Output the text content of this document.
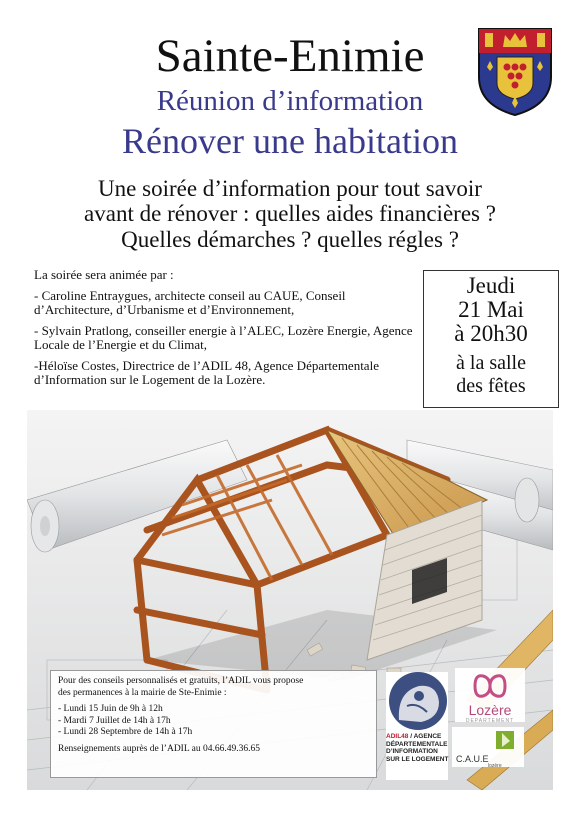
Sainte-Enimie
Réunion d’information
Rénover une habitation
Une soirée d’information pour tout savoir
avant de rénover : quelles aides financières ?
Quelles démarches ? quelles régles ?

La soirée sera animée par :

- Caroline Entraygues, architecte conseil au CAUE, Conseil d’Architecture, d’Urbanisme et d’Environnement,

- Sylvain Pratlong, conseiller energie à l’ALEC, Lozère Energie, Agence Locale de l’Energie et du Climat,

-Héloïse Costes, Directrice de l’ADIL 48, Agence Départementale d’Information sur le Logement de la Lozère.

Jeudi
21 Mai
à 20h30
à la salle
des fêtes
Pour des conseils personnalisés et gratuits, l’ADIL vous propose
des permanences à la mairie de Ste-Enimie :
- Lundi 15 Juin de 9h à 12h
- Mardi 7 Juillet de 14h à 17h
- Lundi 28 Septembre de 14h à 17h
Renseignements auprès de l’ADIL au 04.66.49.36.65
ADIL48 / AGENCE
DÉPARTEMENTALE
D’INFORMATION
SUR LE LOGEMENT
Lozère
DEPARTEMENT
C.A.U.E
lozère
